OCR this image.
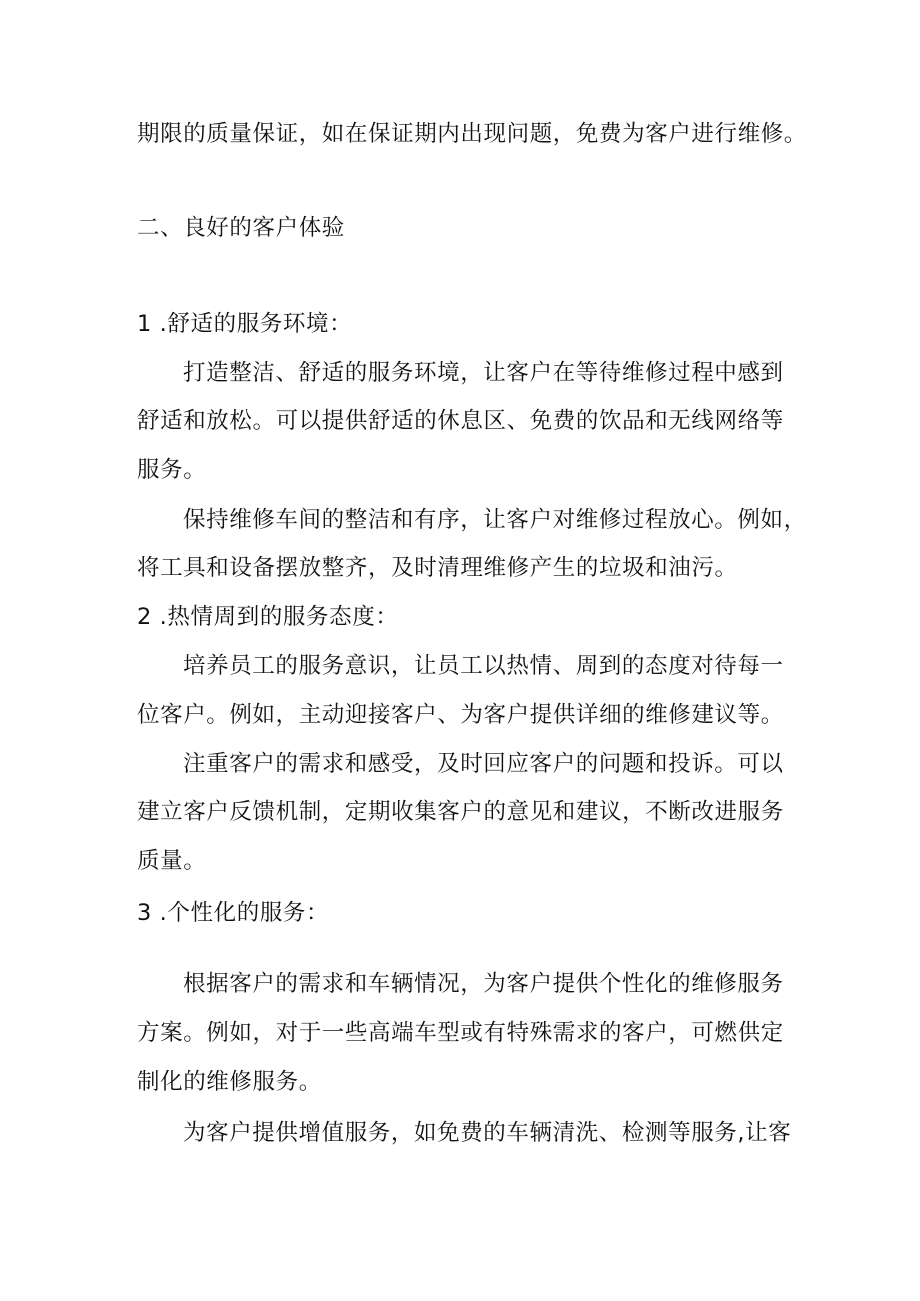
期限的质量保证，如在保证期内出现问题，免费为客户进行维修。

二、良好的客户体验

1 .舒适的服务环境：

打造整洁、舒适的服务环境，让客户在等待维修过程中感到

舒适和放松。可以提供舒适的休息区、免费的饮品和无线网络等

服务。

保持维修车间的整洁和有序，让客户对维修过程放心。例如，

将工具和设备摆放整齐，及时清理维修产生的垃圾和油污。

2 .热情周到的服务态度：

培养员工的服务意识，让员工以热情、周到的态度对待每一

位客户。例如，主动迎接客户、为客户提供详细的维修建议等。

注重客户的需求和感受，及时回应客户的问题和投诉。可以

建立客户反馈机制，定期收集客户的意见和建议，不断改进服务

质量。

3 .个性化的服务：

根据客户的需求和车辆情况，为客户提供个性化的维修服务

方案。例如，对于一些高端车型或有特殊需求的客户，可燃供定

制化的维修服务。

为客户提供增值服务，如免费的车辆清洗、检测等服务,让客
